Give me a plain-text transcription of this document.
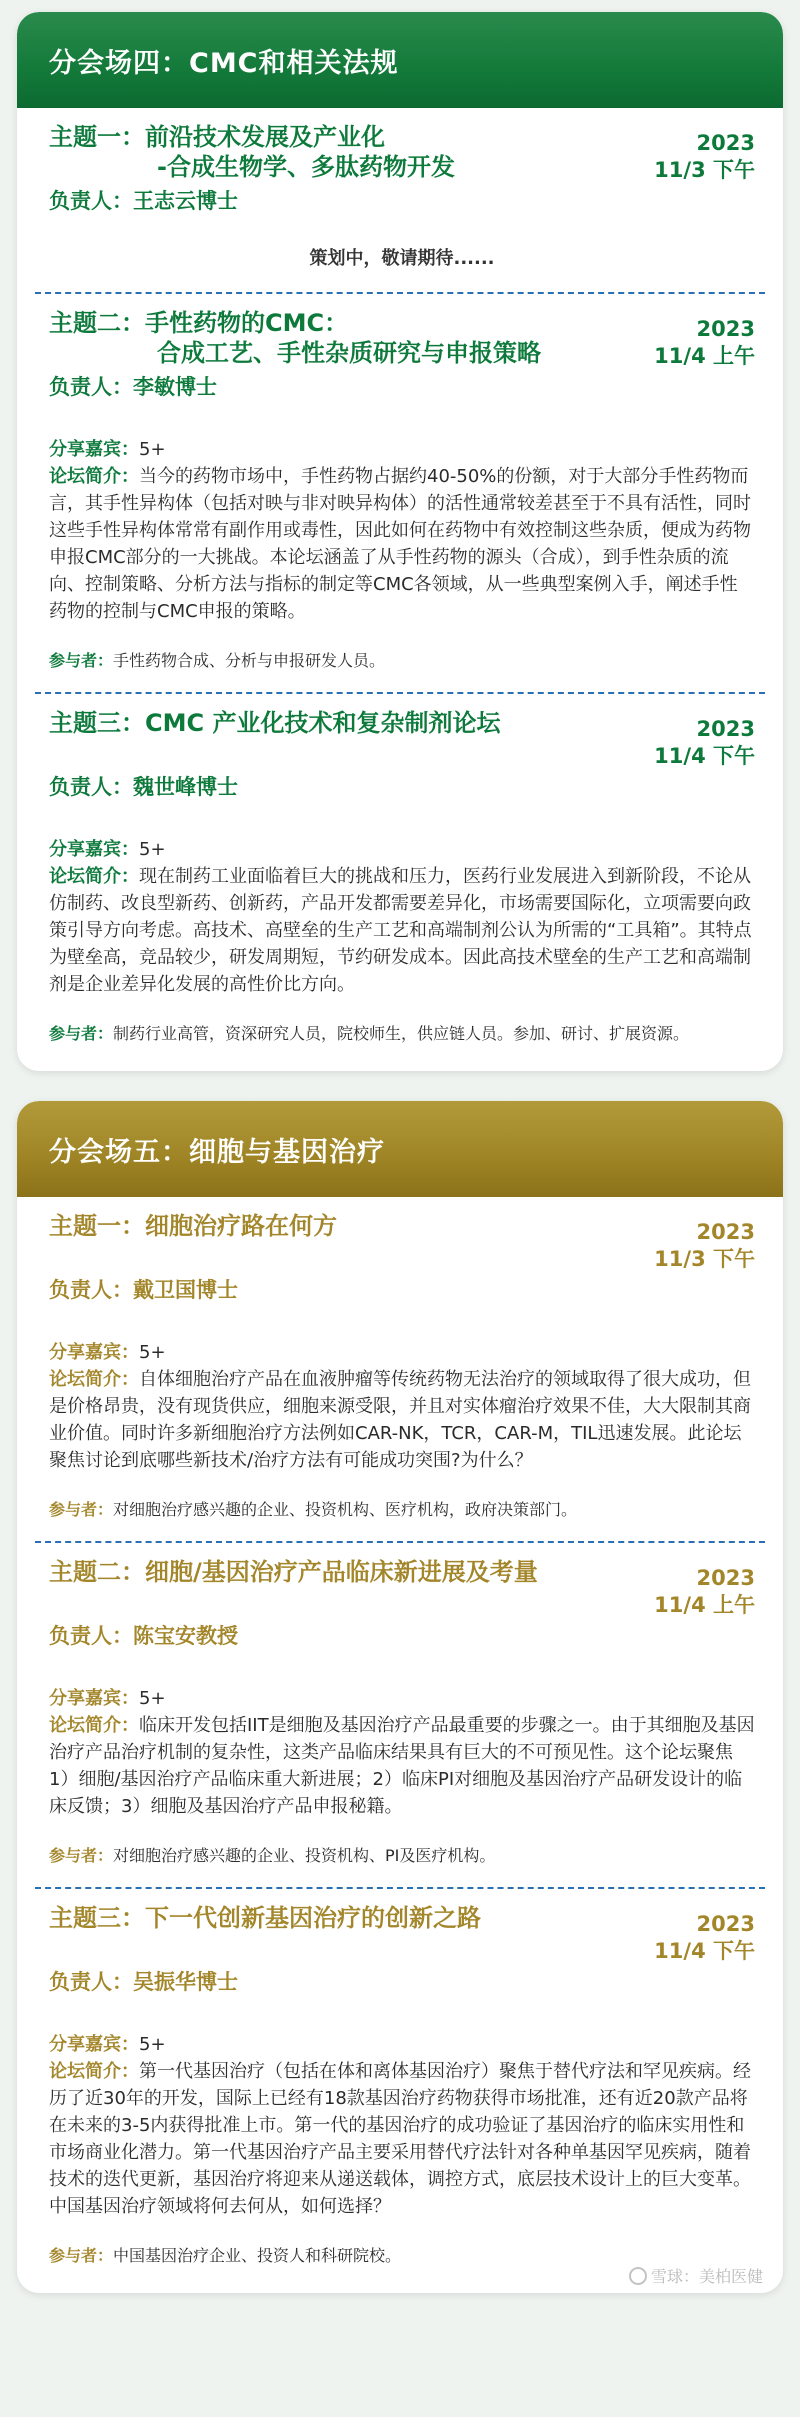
分会场四：CMC和相关法规
主题一：前沿技术发展及产业化
-合成生物学、多肽药物开发
2023
11/3 下午
负责人：王志云博士
策划中，敬请期待......
主题二：手性药物的CMC：
合成工艺、手性杂质研究与申报策略
2023
11/4 上午
负责人：李敏博士
分享嘉宾：5+
论坛简介：当今的药物市场中，手性药物占据约40-50%的份额，对于大部分手性药物而言，其手性异构体（包括对映与非对映异构体）的活性通常较差甚至于不具有活性，同时这些手性异构体常常有副作用或毒性，因此如何在药物中有效控制这些杂质，便成为药物申报CMC部分的一大挑战。本论坛涵盖了从手性药物的源头（合成），到手性杂质的流向、控制策略、分析方法与指标的制定等CMC各领域，从一些典型案例入手，阐述手性药物的控制与CMC申报的策略。
参与者：手性药物合成、分析与申报研发人员。
主题三：CMC 产业化技术和复杂制剂论坛	2023
11/4 下午
负责人：魏世峰博士
分享嘉宾：5+
论坛简介：现在制药工业面临着巨大的挑战和压力，医药行业发展进入到新阶段，不论从仿制药、改良型新药、创新药，产品开发都需要差异化，市场需要国际化，立项需要向政策引导方向考虑。高技术、高壁垒的生产工艺和高端制剂公认为所需的“工具箱”。其特点为壁垒高，竞品较少，研发周期短，节约研发成本。因此高技术壁垒的生产工艺和高端制剂是企业差异化发展的高性价比方向。
参与者：制药行业高管，资深研究人员，院校师生，供应链人员。参加、研讨、扩展资源。
分会场五：细胞与基因治疗
主题一：细胞治疗路在何方	2023
11/3 下午
负责人：戴卫国博士
分享嘉宾：5+
论坛简介：自体细胞治疗产品在血液肿瘤等传统药物无法治疗的领域取得了很大成功，但是价格昂贵，没有现货供应，细胞来源受限，并且对实体瘤治疗效果不佳，大大限制其商业价值。同时许多新细胞治疗方法例如CAR-NK，TCR，CAR-M，TIL迅速发展。此论坛聚焦讨论到底哪些新技术/治疗方法有可能成功突围?为什么？
参与者：对细胞治疗感兴趣的企业、投资机构、医疗机构，政府决策部门。
主题二：细胞/基因治疗产品临床新进展及考量	2023
11/4 上午
负责人：陈宝安教授
分享嘉宾：5+
论坛简介：临床开发包括IIT是细胞及基因治疗产品最重要的步骤之一。由于其细胞及基因治疗产品治疗机制的复杂性，这类产品临床结果具有巨大的不可预见性。这个论坛聚焦 1）细胞/基因治疗产品临床重大新进展；2）临床PI对细胞及基因治疗产品研发设计的临床反馈；3）细胞及基因治疗产品申报秘籍。
参与者：对细胞治疗感兴趣的企业、投资机构、PI及医疗机构。
主题三：下一代创新基因治疗的创新之路	2023
11/4 下午
负责人：吴振华博士
分享嘉宾：5+
论坛简介：第一代基因治疗（包括在体和离体基因治疗）聚焦于替代疗法和罕见疾病。经历了近30年的开发，国际上已经有18款基因治疗药物获得市场批准，还有近20款产品将在未来的3-5内获得批准上市。第一代的基因治疗的成功验证了基因治疗的临床实用性和市场商业化潜力。第一代基因治疗产品主要采用替代疗法针对各种单基因罕见疾病，随着技术的迭代更新，基因治疗将迎来从递送载体，调控方式，底层技术设计上的巨大变革。中国基因治疗领域将何去何从，如何选择？
参与者：中国基因治疗企业、投资人和科研院校。
雪球：美柏医健
